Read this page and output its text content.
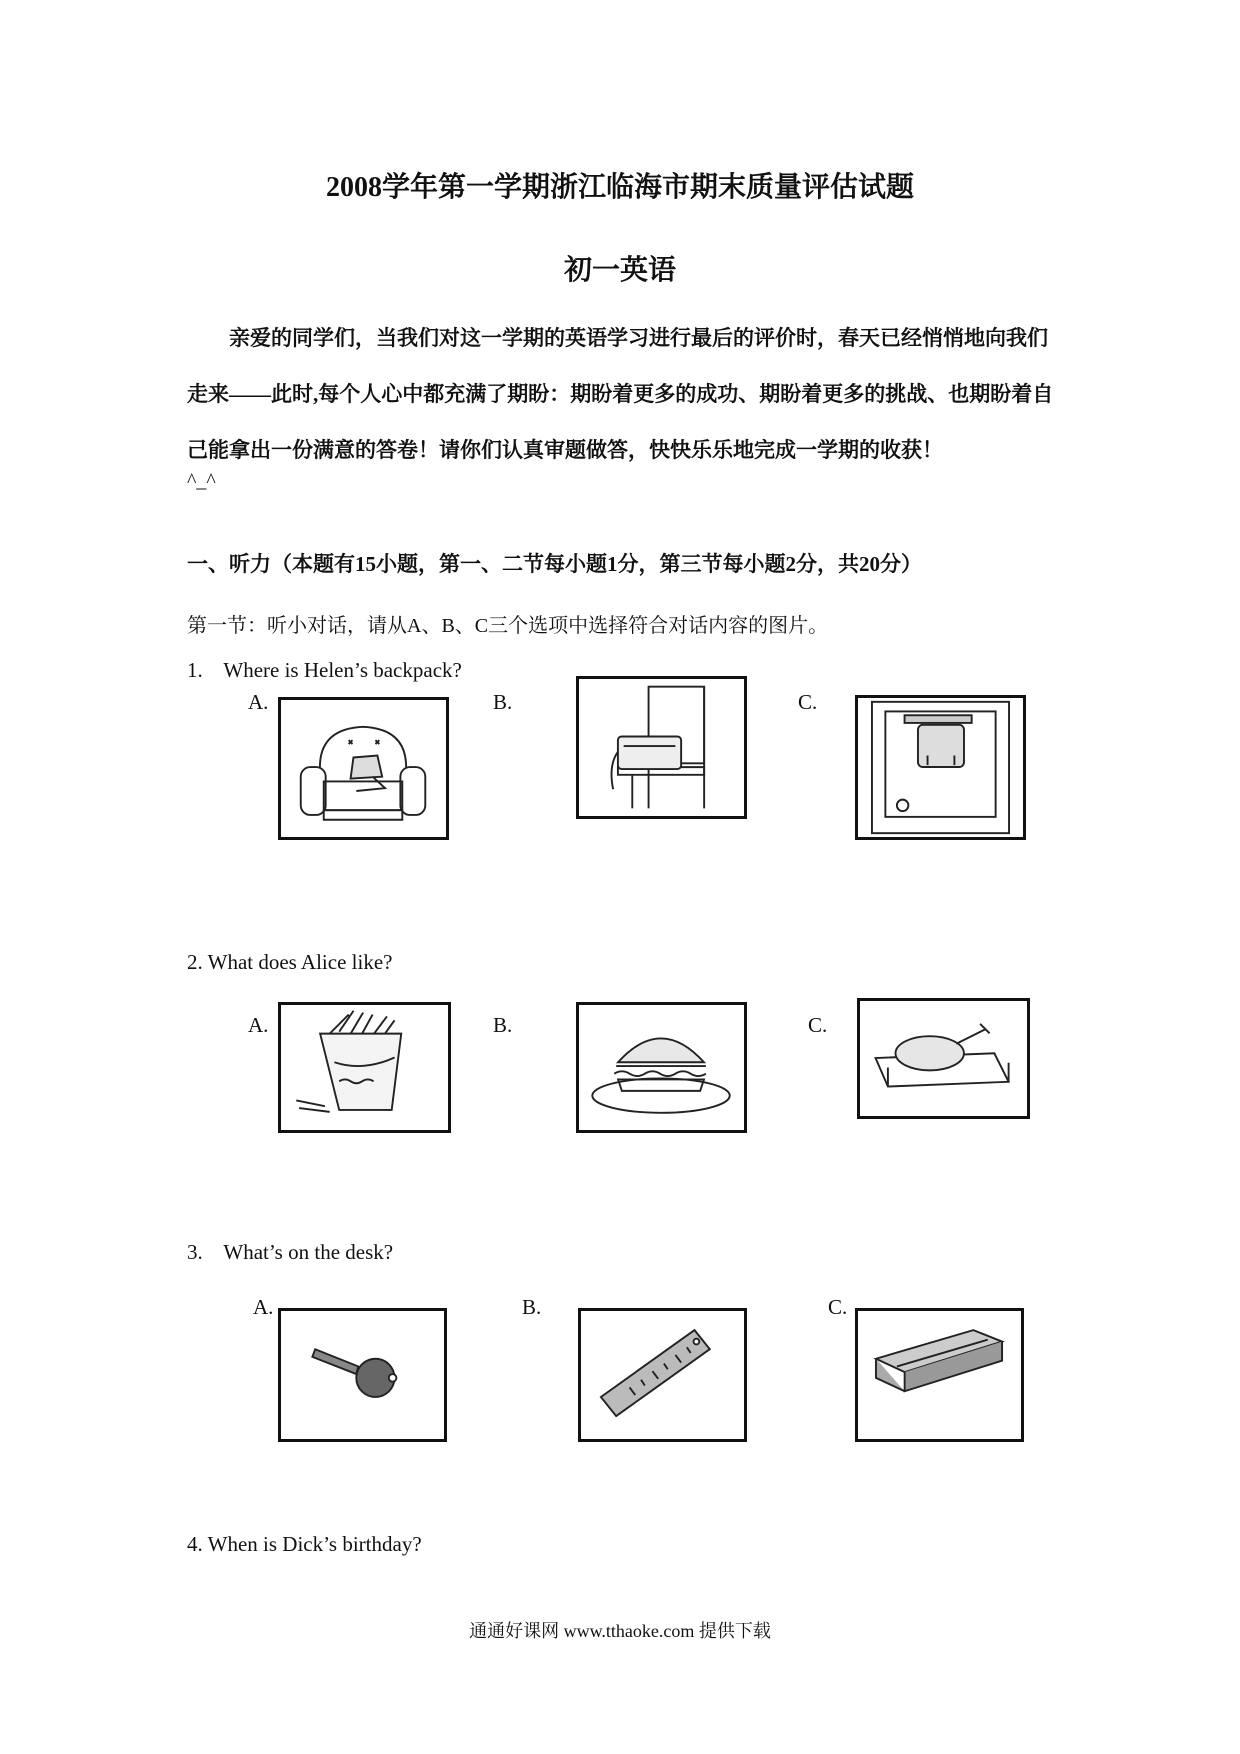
2008学年第一学期浙江临海市期末质量评估试题
初一英语

亲爱的同学们，当我们对这一学期的英语学习进行最后的评价时，春天已经悄悄地向我们走来——此时,每个人心中都充满了期盼：期盼着更多的成功、期盼着更多的挑战、也期盼着自己能拿出一份满意的答卷！请你们认真审题做答，快快乐乐地完成一学期的收获！

^_^
一、听力（本题有15小题，第一、二节每小题1分，第三节每小题2分，共20分）
第一节：听小对话，请从A、B、C三个选项中选择符合对话内容的图片。
1. Where is Helen’s backpack?
A.	B.	C.
2. What does Alice like?
A.	B.	C.
3. What’s on the desk?
A.	B.	C.
4. When is Dick’s birthday?
通通好课网 www.tthaoke.com 提供下载
